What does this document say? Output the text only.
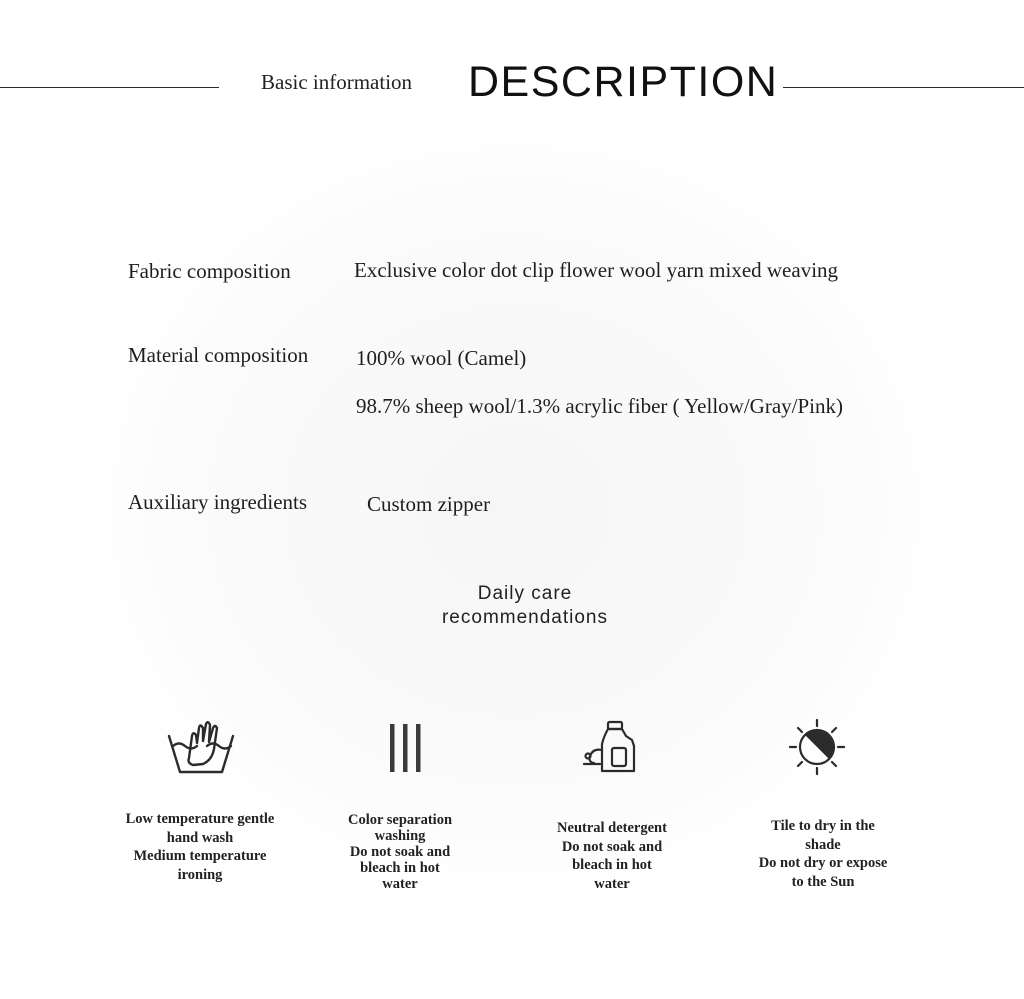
Basic information DESCRIPTION
Fabric composition	Exclusive color dot clip flower wool yarn mixed weaving
Material composition 100% wool (Camel)
98.7% sheep wool/1.3% acrylic fiber ( Yellow/Gray/Pink)
Auxiliary ingredients	Custom zipper
Daily care
recommendations
Low temperature gentle
hand wash
Medium temperature
ironing
Color separation
washing
Do not soak and
bleach in hot
water
Neutral detergent
Do not soak and
bleach in hot
water
Tile to dry in the
shade
Do not dry or expose
to the Sun
